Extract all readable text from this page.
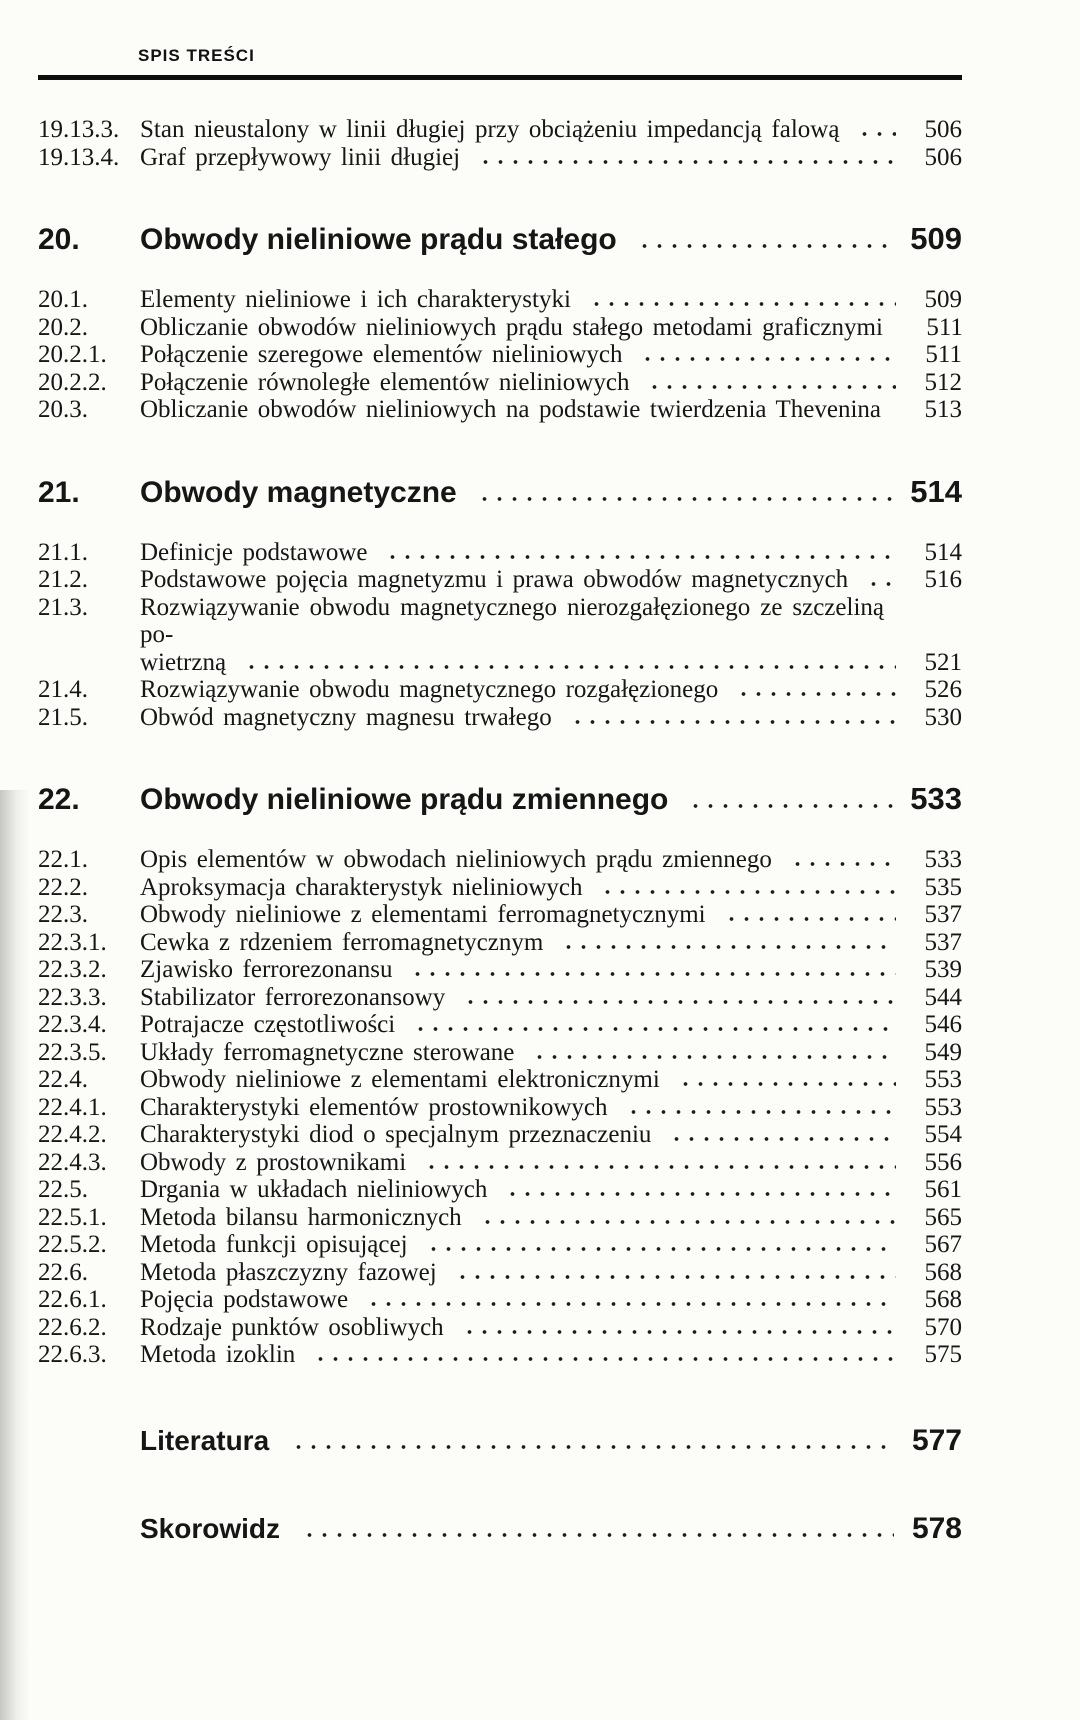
SPIS TREŚCI
19.13.3. Stan nieustalony w linii długiej przy obciążeniu impedancją falową	506
19.13.4. Graf przepływowy linii długiej	506
20.	Obwody nieliniowe prądu stałego	509
20.1.	Elementy nieliniowe i ich charakterystyki	509
20.2.	Obliczanie obwodów nieliniowych prądu stałego metodami graficznymi	511
20.2.1.	Połączenie szeregowe elementów nieliniowych	511
20.2.2.	Połączenie równoległe elementów nieliniowych	512
20.3.	Obliczanie obwodów nieliniowych na podstawie twierdzenia Thevenina	513
21.	Obwody magnetyczne	514
21.1.	Definicje podstawowe	514
21.2.	Podstawowe pojęcia magnetyzmu i prawa obwodów magnetycznych	516
21.3.	Rozwiązywanie obwodu magnetycznego nierozgałęzionego ze szczeliną po-
wietrzną	521
21.4.	Rozwiązywanie obwodu magnetycznego rozgałęzionego	526
21.5.	Obwód magnetyczny magnesu trwałego	530
22.	Obwody nieliniowe prądu zmiennego	533
22.1.	Opis elementów w obwodach nieliniowych prądu zmiennego	533
22.2.	Aproksymacja charakterystyk nieliniowych	535
22.3.	Obwody nieliniowe z elementami ferromagnetycznymi	537
22.3.1.	Cewka z rdzeniem ferromagnetycznym	537
22.3.2.	Zjawisko ferrorezonansu	539
22.3.3.	Stabilizator ferrorezonansowy	544
22.3.4.	Potrajacze częstotliwości	546
22.3.5.	Układy ferromagnetyczne sterowane	549
22.4.	Obwody nieliniowe z elementami elektronicznymi	553
22.4.1.	Charakterystyki elementów prostownikowych	553
22.4.2.	Charakterystyki diod o specjalnym przeznaczeniu	554
22.4.3.	Obwody z prostownikami	556
22.5.	Drgania w układach nieliniowych	561
22.5.1.	Metoda bilansu harmonicznych	565
22.5.2.	Metoda funkcji opisującej	567
22.6.	Metoda płaszczyzny fazowej	568
22.6.1.	Pojęcia podstawowe	568
22.6.2.	Rodzaje punktów osobliwych	570
22.6.3.	Metoda izoklin	575
Literatura	577
Skorowidz	578
